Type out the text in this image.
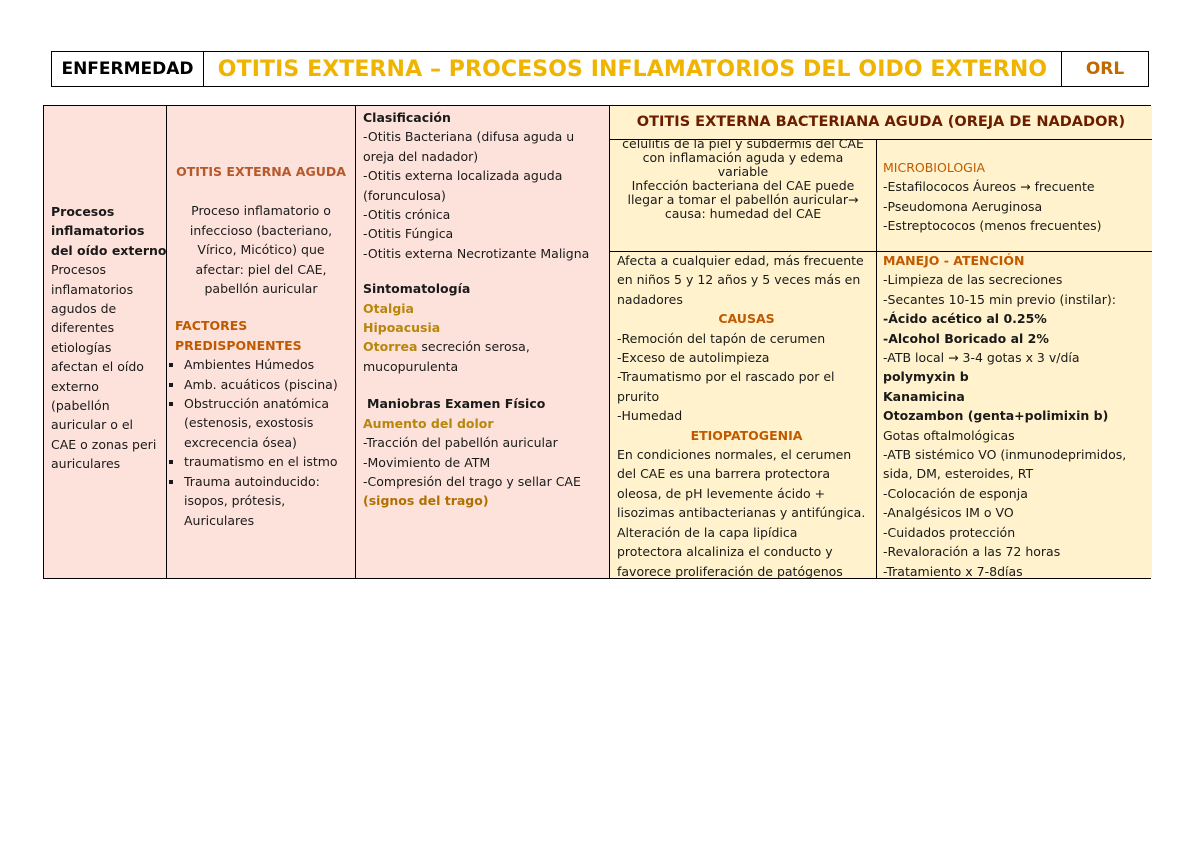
ENFERMEDAD	OTITIS EXTERNA – PROCESOS INFLAMATORIOS DEL OIDO EXTERNO	ORL

Procesos

inflamatorios

del oído externo

Procesos

inflamatorios

agudos de

diferentes

etiologías

afectan el oído

externo

(pabellón

auricular o el

CAE o zonas peri

auriculares

OTITIS EXTERNA AGUDA

Proceso inflamatorio o

infeccioso (bacteriano,

Vírico, Micótico) que

afectar: piel del CAE,

pabellón auricular

FACTORES

PREDISPONENTES

▪ Ambientes Húmedos
▪ Amb. acuáticos (piscina)
▪ Obstrucción anatómica
(estenosis, exostosis
excrecencia ósea)
▪ traumatismo en el istmo
▪ Trauma autoinducido:
isopos, prótesis,
Auriculares

Clasificación

-Otitis Bacteriana (difusa aguda u

oreja del nadador)

-Otitis externa localizada aguda

(forunculosa)

-Otitis crónica

-Otitis Fúngica

-Otitis externa Necrotizante Maligna

Sintomatología

Otalgia

Hipoacusia

Otorrea secreción serosa,

mucopurulenta

Maniobras Examen Físico

Aumento del dolor

-Tracción del pabellón auricular

-Movimiento de ATM

-Compresión del trago y sellar CAE

(signos del trago)

OTITIS EXTERNA BACTERIANA AGUDA (OREJA DE NADADOR)

celulitis de la piel y subdermis del CAE

con inflamación aguda y edema

variable

Infección bacteriana del CAE puede

llegar a tomar el pabellón auricular→

causa: humedad del CAE

MICROBIOLOGIA

-Estafilococos Áureos → frecuente

-Pseudomona Aeruginosa

-Estreptococos (menos frecuentes)

Afecta a cualquier edad, más frecuente

en niños 5 y 12 años y 5 veces más en

nadadores

CAUSAS

-Remoción del tapón de cerumen

-Exceso de autolimpieza

-Traumatismo por el rascado por el

prurito

-Humedad

ETIOPATOGENIA

En condiciones normales, el cerumen

del CAE es una barrera protectora

oleosa, de pH levemente ácido +

lisozimas antibacterianas y antifúngica.

Alteración de la capa lipídica

protectora alcaliniza el conducto y

favorece proliferación de patógenos

MANEJO - ATENCIÓN

-Limpieza de las secreciones

-Secantes 10-15 min previo (instilar):

-Ácido acético al 0.25%

-Alcohol Boricado al 2%

-ATB local → 3-4 gotas x 3 v/día

polymyxin b

Kanamicina

Otozambon (genta+polimixin b)

Gotas oftalmológicas

-ATB sistémico VO (inmunodeprimidos,

sida, DM, esteroides, RT

-Colocación de esponja

-Analgésicos IM o VO

-Cuidados protección

-Revaloración a las 72 horas

-Tratamiento x 7-8días
